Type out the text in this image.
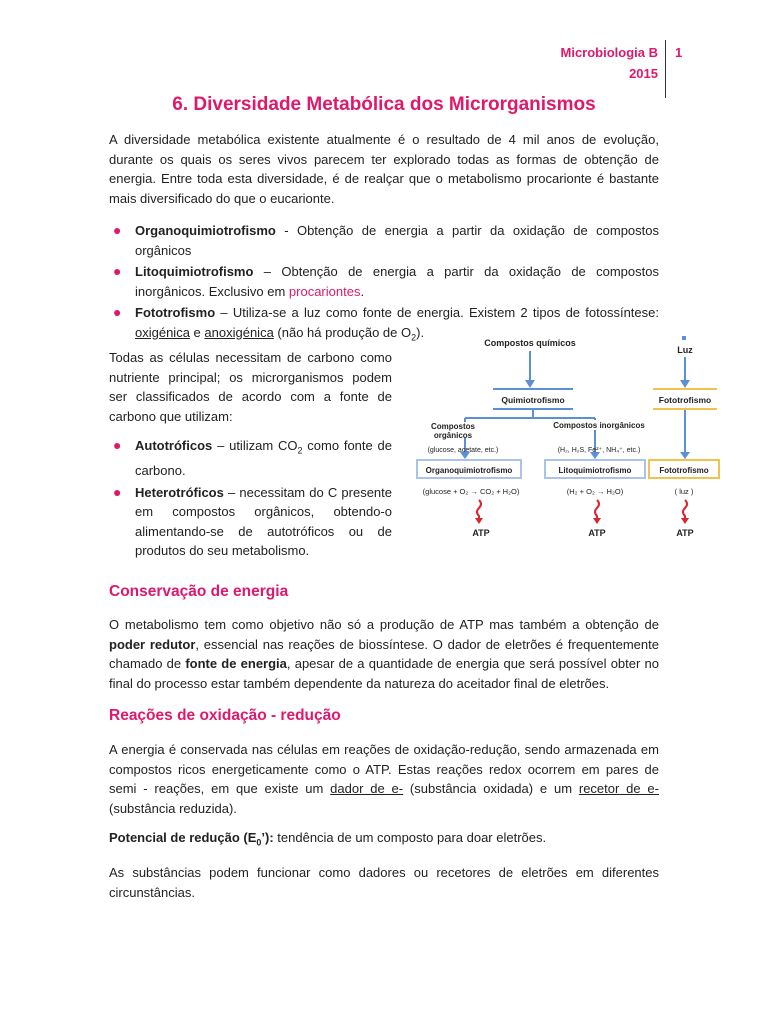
Microbiologia B
2015
1
6. Diversidade Metabólica dos Microrganismos

A diversidade metabólica existente atualmente é o resultado de 4 mil anos de evolução, durante os quais os seres vivos parecem ter explorado todas as formas de obtenção de energia. Entre toda esta diversidade, é de realçar que o metabolismo procarionte é bastante mais diversificado do que o eucarionte.

● Organoquimiotrofismo - Obtenção de energia a partir da oxidação de compostos orgânicos
● Litoquimiotrofismo – Obtenção de energia a partir da oxidação de compostos inorgânicos. Exclusivo em procariontes.
● Fototrofismo – Utiliza-se a luz como fonte de energia. Existem 2 tipos de fotossíntese: oxigénica e anoxigénica (não há produção de $O_2$).

Todas as células necessitam de carbono como nutriente principal; os microrganismos podem ser classificados de acordo com a fonte de carbono que utilizam:

● Autotróficos – utilizam $CO_2$ como fonte de carbono.
● Heterotróficos – necessitam do C presente em compostos orgânicos, obtendo-o alimentando-se de autotróficos ou de produtos do seu metabolismo.
Compostos químicos
Luz
Quimiotrofismo	Fototrofismo
Compostos
orgânicos
(glucose, acetate, etc.)
Compostos inorgânicos
(H₂, H₂S, Fe²⁺, NH₄⁺, etc.)
Organoquimiotrofismo	Litoquimiotrofismo	Fototrofismo
(glucose + O₂ → CO₂ + H₂O)	(H₂ + O₂ → H₂O)	( luz )
ATP	ATP	ATP
Conservação de energia

O metabolismo tem como objetivo não só a produção de ATP mas também a obtenção de poder redutor, essencial nas reações de biossíntese. O dador de eletrões é frequentemente chamado de fonte de energia, apesar de a quantidade de energia que será possível obter no final do processo estar também dependente da natureza do aceitador final de eletrões.

Reações de oxidação - redução

A energia é conservada nas células em reações de oxidação-redução, sendo armazenada em compostos ricos energeticamente como o ATP. Estas reações redox ocorrem em pares de semi - reações, em que existe um dador de e- (substância oxidada) e um recetor de e- (substância reduzida).

Potencial de redução $(E_0’)$: tendência de um composto para doar eletrões.

As substâncias podem funcionar como dadores ou recetores de eletrões em diferentes circunstâncias.
